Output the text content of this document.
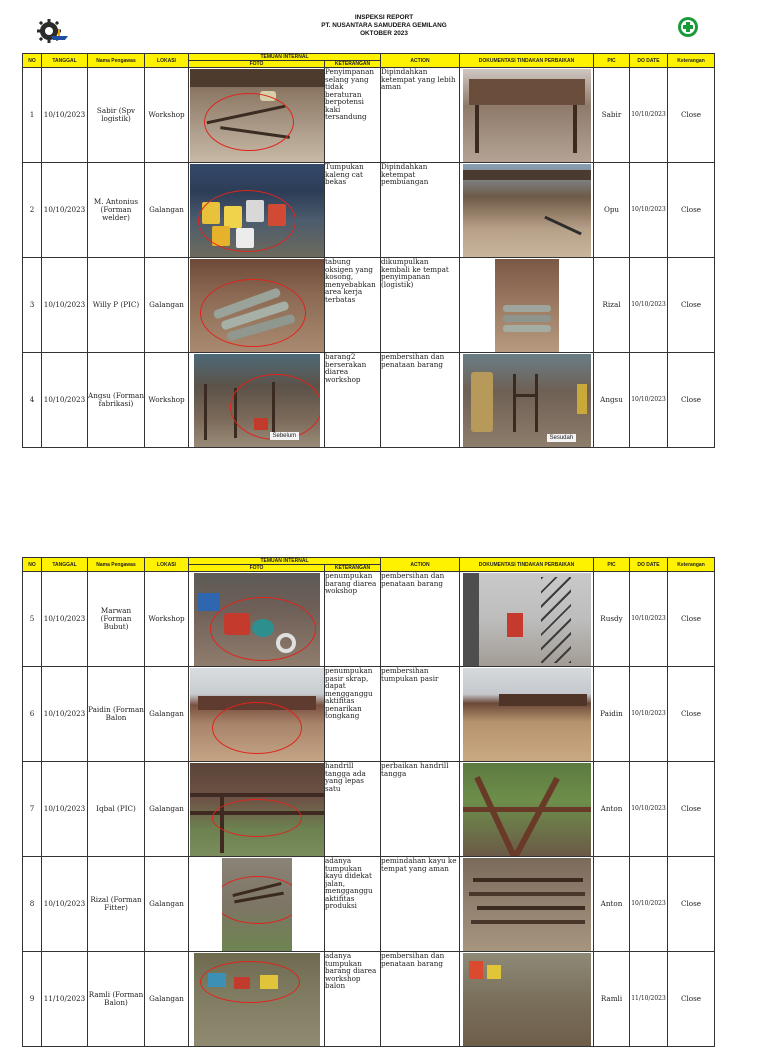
INSPEKSI REPORT
PT. NUSANTARA SAMUDERA GEMILANG
OKTOBER 2023
NO	TANGGAL	Nama Pengawas	LOKASI	TEMUAN INTERNAL		ACTION	DOKUMENTASI TINDAKAN PERBAIKAN	PIC	DO DATE	Keterangan
				FOTO	KETERANGAN					
1	10/10/2023	Sabir (Spv logistik)	Workshop		Penyimpanan selang yang tidak beraturan berpotensi kaki tersandung	Dipindahkan ketempat yang lebih aman		Sabir	10/10/2023	Close
2	10/10/2023	M. Antonius (Forman welder)	Galangan		Tumpukan kaleng cat bekas	Dipindahkan ketempat pembuangan		Opu	10/10/2023	Close
3	10/10/2023	Willy P (PIC)	Galangan		tabung oksigen yang kosong, menyebabkan area kerja terbatas	dikumpulkan kembali ke tempat penyimpanan (logistik)		Rizal	10/10/2023	Close
4	10/10/2023	Angsu (Forman fabrikasi)	Workshop	Sebelum	barang2 berserakan diarea workshop	pembersihan dan penataan barang	Sesudah	Angsu	10/10/2023	Close
NO	TANGGAL	Nama Pengawas	LOKASI	TEMUAN INTERNAL		ACTION	DOKUMENTASI TINDAKAN PERBAIKAN	PIC	DO DATE	Keterangan
				FOTO	KETERANGAN					
5	10/10/2023	Marwan (Forman Bubut)	Workshop		penumpukan barang diarea wokshop	pembersihan dan penataan barang		Rusdy	10/10/2023	Close
6	10/10/2023	Paidin (Forman Balon	Galangan		penumpukan pasir skrap, dapat mengganggu aktifitas penarikan tongkang	pembersihan tumpukan pasir		Paidin	10/10/2023	Close
7	10/10/2023	Iqbal (PIC)	Galangan		handrill tangga ada yang lepas satu	perbaikan handrill tangga		Anton	10/10/2023	Close
8	10/10/2023	Rizal (Forman Fitter)	Galangan		adanya tumpukan kayu didekat jalan, mengganggu aktifitas produksi	pemindahan kayu ke tempat yang aman		Anton	10/10/2023	Close
9	11/10/2023	Ramli (Forman Balon)	Galangan		adanya tumpukan barang diarea workshop balon	pembersihan dan penataan barang		Ramli	11/10/2023	Close
